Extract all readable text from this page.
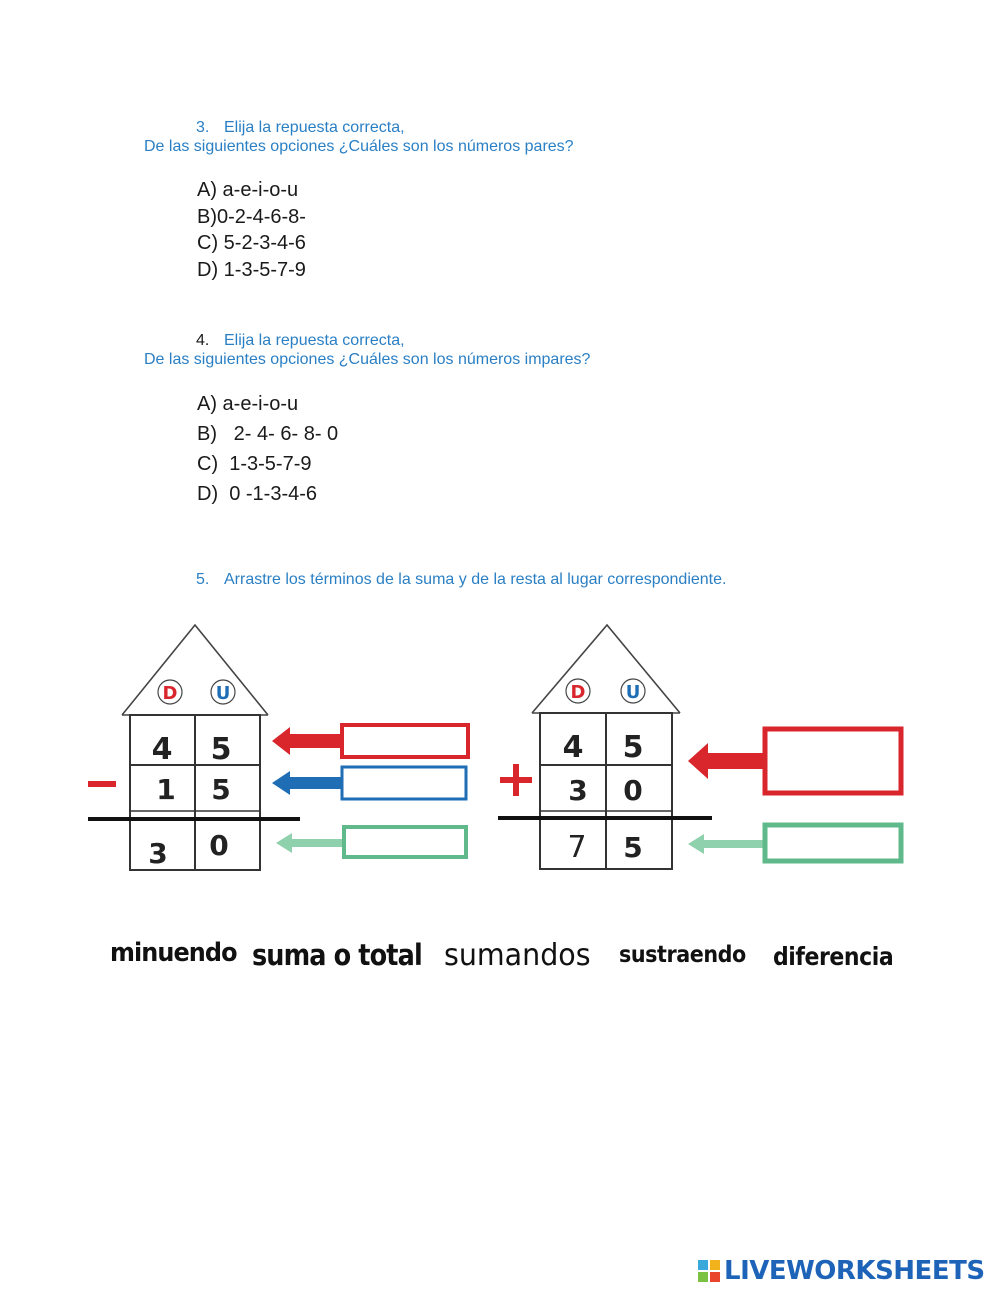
3. Elija la repuesta correcta,
De las siguientes opciones ¿Cuáles son los números pares?
A) a-e-i-o-u
B)0-2-4-6-8-
C) 5-2-3-4-6
D) 1-3-5-7-9
4. Elija la repuesta correcta,
De las siguientes opciones ¿Cuáles son los números impares?
A) a-e-i-o-u
B)   2- 4- 6- 8- 0
C)  1-3-5-7-9
D)  0 -1-3-4-6
5. Arrastre los términos de la suma y de la resta al lugar correspondiente.
D U
4 5
1 5
3 0
D U
4 5
3 0
7 5
minuendo suma o total sumandos sustraendo diferencia
LIVEWORKSHEETS
